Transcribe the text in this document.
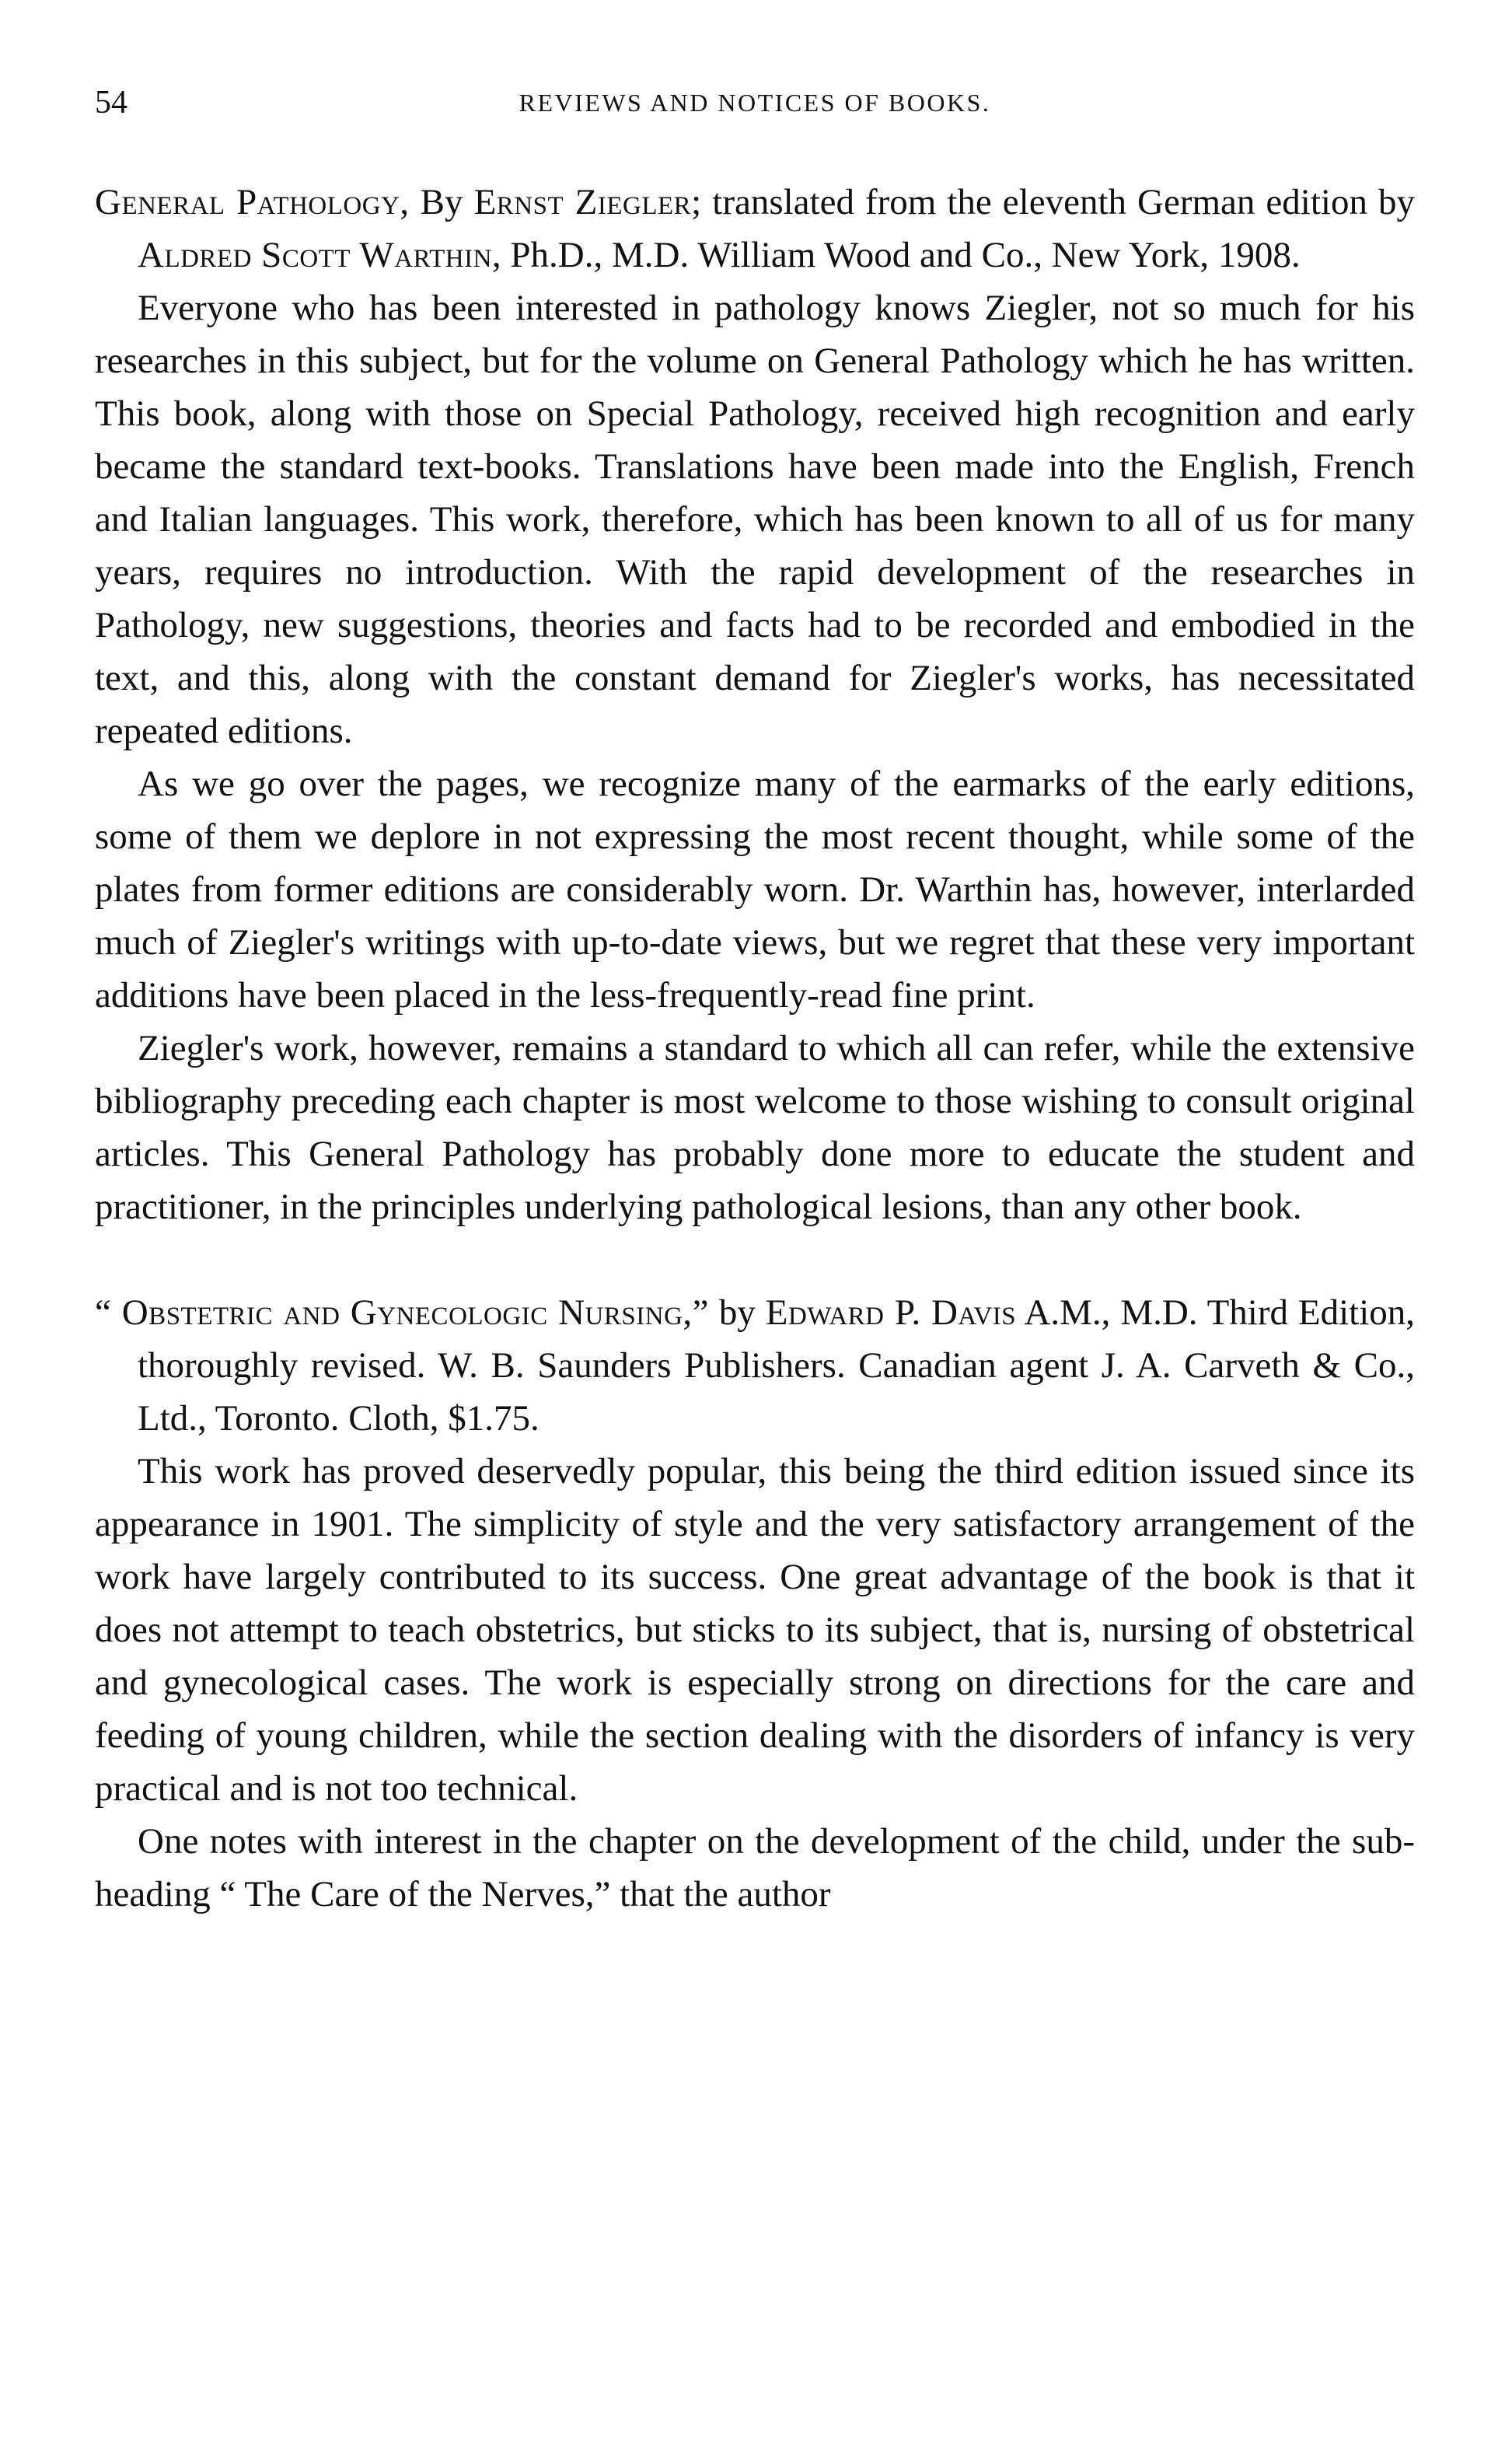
54	REVIEWS AND NOTICES OF BOOKS.

General Pathology, By Ernst Ziegler; translated from the eleventh German edition by Aldred Scott Warthin, Ph.D., M.D. William Wood and Co., New York, 1908.

Everyone who has been interested in pathology knows Ziegler, not so much for his researches in this subject, but for the volume on General Pathology which he has written. This book, along with those on Special Pathology, received high recognition and early became the standard text-books. Translations have been made into the English, French and Italian languages. This work, therefore, which has been known to all of us for many years, requires no introduction. With the rapid development of the researches in Pathology, new suggestions, theories and facts had to be recorded and embodied in the text, and this, along with the constant demand for Ziegler's works, has necessitated repeated editions.

As we go over the pages, we recognize many of the earmarks of the early editions, some of them we deplore in not expressing the most recent thought, while some of the plates from former editions are considerably worn. Dr. Warthin has, however, interlarded much of Ziegler's writings with up-to-date views, but we regret that these very important additions have been placed in the less-frequently-read fine print.

Ziegler's work, however, remains a standard to which all can refer, while the extensive bibliography preceding each chapter is most welcome to those wishing to consult original articles. This General Pathology has probably done more to educate the student and practitioner, in the principles underlying pathological lesions, than any other book.

“ Obstetric and Gynecologic Nursing,” by Edward P. Davis A.M., M.D. Third Edition, thoroughly revised. W. B. Saunders Publishers. Canadian agent J. A. Carveth & Co., Ltd., Toronto. Cloth, $1.75.

This work has proved deservedly popular, this being the third edition issued since its appearance in 1901. The simplicity of style and the very satisfactory arrangement of the work have largely contributed to its success. One great advantage of the book is that it does not attempt to teach obstetrics, but sticks to its subject, that is, nursing of obstetrical and gynecological cases. The work is especially strong on directions for the care and feeding of young children, while the section dealing with the disorders of infancy is very practical and is not too technical.

One notes with interest in the chapter on the development of the child, under the sub-heading “ The Care of the Nerves,” that the author
